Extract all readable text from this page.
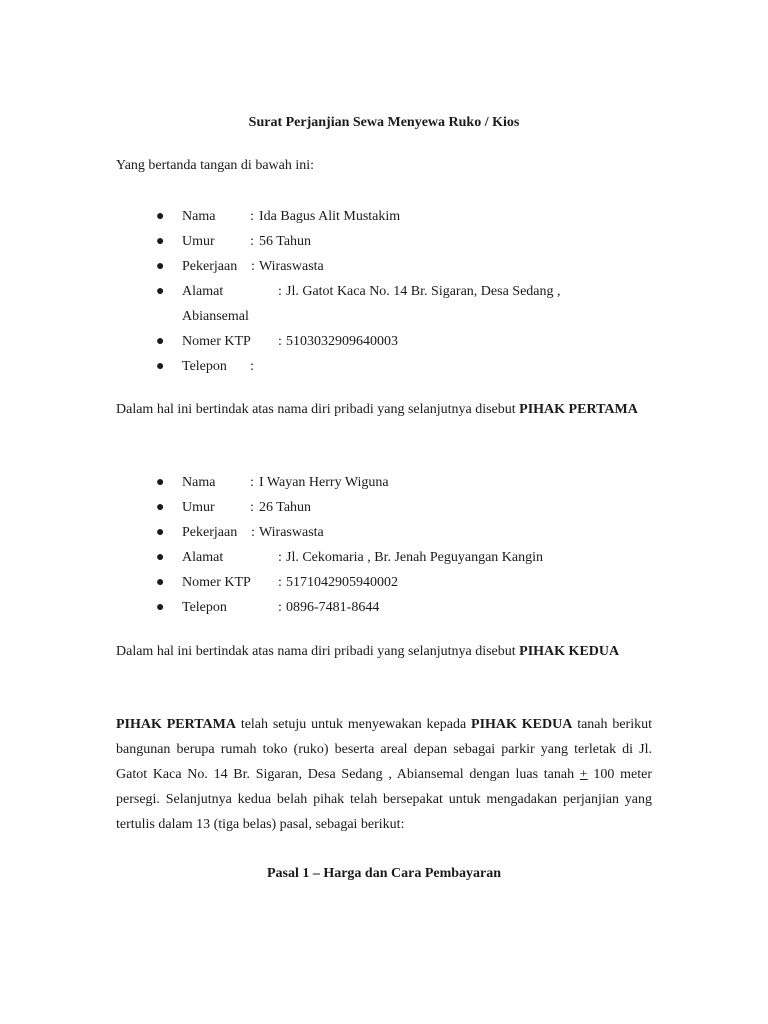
Surat Perjanjian Sewa Menyewa Ruko / Kios
Yang bertanda tangan di bawah ini:
● Nama : Ida Bagus Alit Mustakim
● Umur	: 56 Tahun
● Pekerjaan : Wiraswasta
● Alamat	: Jl. Gatot Kaca No. 14 Br. Sigaran, Desa Sedang , Abiansemal
● Nomer KTP : 5103032909640003
● Telepon :
Dalam hal ini bertindak atas nama diri pribadi yang selanjutnya disebut PIHAK PERTAMA
● Nama : I Wayan Herry Wiguna
● Umur	: 26 Tahun
● Pekerjaan : Wiraswasta
● Alamat	: Jl. Cekomaria , Br. Jenah Peguyangan Kangin
● Nomer KTP : 5171042905940002
● Telepon	: 0896-7481-8644
Dalam hal ini bertindak atas nama diri pribadi yang selanjutnya disebut PIHAK KEDUA
PIHAK PERTAMA telah setuju untuk menyewakan kepada PIHAK KEDUA tanah berikut bangunan berupa rumah toko (ruko) beserta areal depan sebagai parkir yang terletak di Jl. Gatot Kaca No. 14 Br. Sigaran, Desa Sedang , Abiansemal dengan luas tanah + 100 meter persegi. Selanjutnya kedua belah pihak telah bersepakat untuk mengadakan perjanjian yang tertulis dalam 13 (tiga belas) pasal, sebagai berikut:
Pasal 1 – Harga dan Cara Pembayaran
